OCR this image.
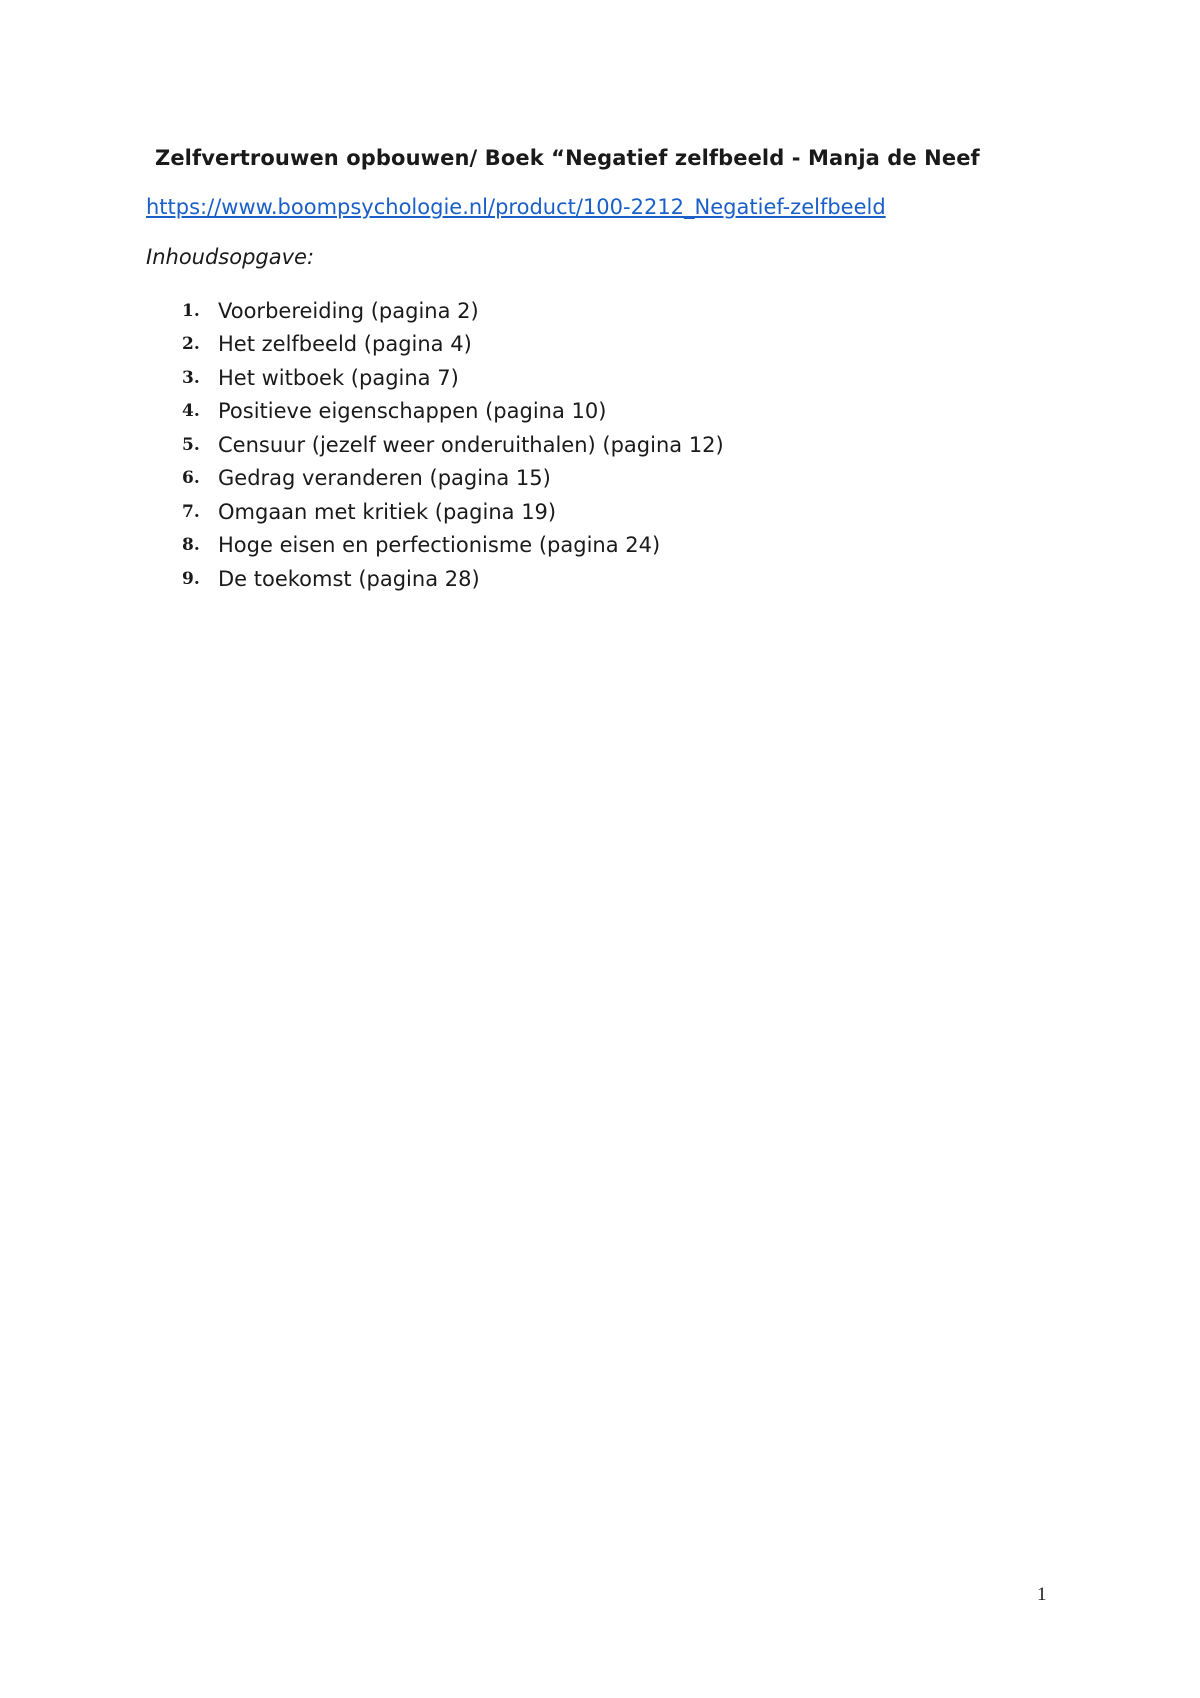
Zelfvertrouwen opbouwen/ Boek “Negatief zelfbeeld - Manja de Neef
https://www.boompsychologie.nl/product/100-2212_Negatief-zelfbeeld
Inhoudsopgave:
1. Voorbereiding (pagina 2)
2. Het zelfbeeld (pagina 4)
3. Het witboek (pagina 7)
4. Positieve eigenschappen (pagina 10)
5. Censuur (jezelf weer onderuithalen) (pagina 12)
6. Gedrag veranderen (pagina 15)
7. Omgaan met kritiek (pagina 19)
8. Hoge eisen en perfectionisme (pagina 24)
9. De toekomst (pagina 28)
1
